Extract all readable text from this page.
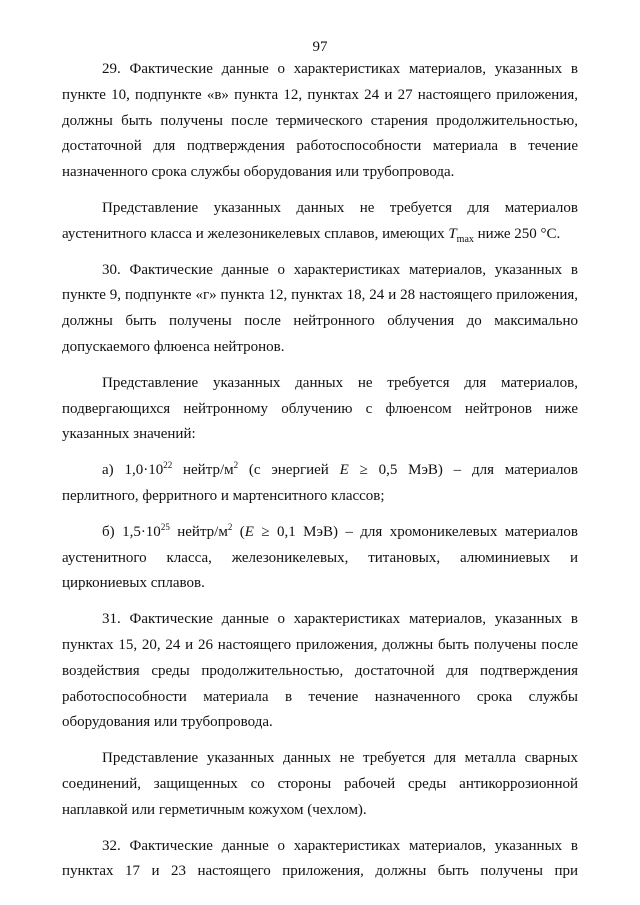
97

29. Фактические данные о характеристиках материалов, указанных в пункте 10, подпункте «в» пункта 12, пунктах 24 и 27 настоящего приложения, должны быть получены после термического старения продолжительностью, достаточной для подтверждения работоспособности материала в течение назначенного срока службы оборудования или трубопровода.

Представление указанных данных не требуется для материалов аустенитного класса и железоникелевых сплавов, имеющих $T_{max}$ ниже 250 °С.

30. Фактические данные о характеристиках материалов, указанных в пункте 9, подпункте «г» пункта 12, пунктах 18, 24 и 28 настоящего приложения, должны быть получены после нейтронного облучения до максимально допускаемого флюенса нейтронов.

Представление указанных данных не требуется для материалов, подвергающихся нейтронному облучению с флюенсом нейтронов ниже указанных значений:

а) $1,0\cdot 10^{22}$ нейтр/$м^2$ (с энергией E ≥ 0,5 МэВ) – для материалов перлитного, ферритного и мартенситного классов;

б) $1,5\cdot 10^{25}$ нейтр/$м^2$ (E ≥ 0,1 МэВ) – для хромоникелевых материалов аустенитного класса, железоникелевых, титановых, алюминиевых и циркониевых сплавов.

31. Фактические данные о характеристиках материалов, указанных в пунктах 15, 20, 24 и 26 настоящего приложения, должны быть получены после воздействия среды продолжительностью, достаточной для подтверждения работоспособности материала в течение назначенного срока службы оборудования или трубопровода.

Представление указанных данных не требуется для металла сварных соединений, защищенных со стороны рабочей среды антикоррозионной наплавкой или герметичным кожухом (чехлом).

32. Фактические данные о характеристиках материалов, указанных в пунктах 17 и 23 настоящего приложения, должны быть получены при
